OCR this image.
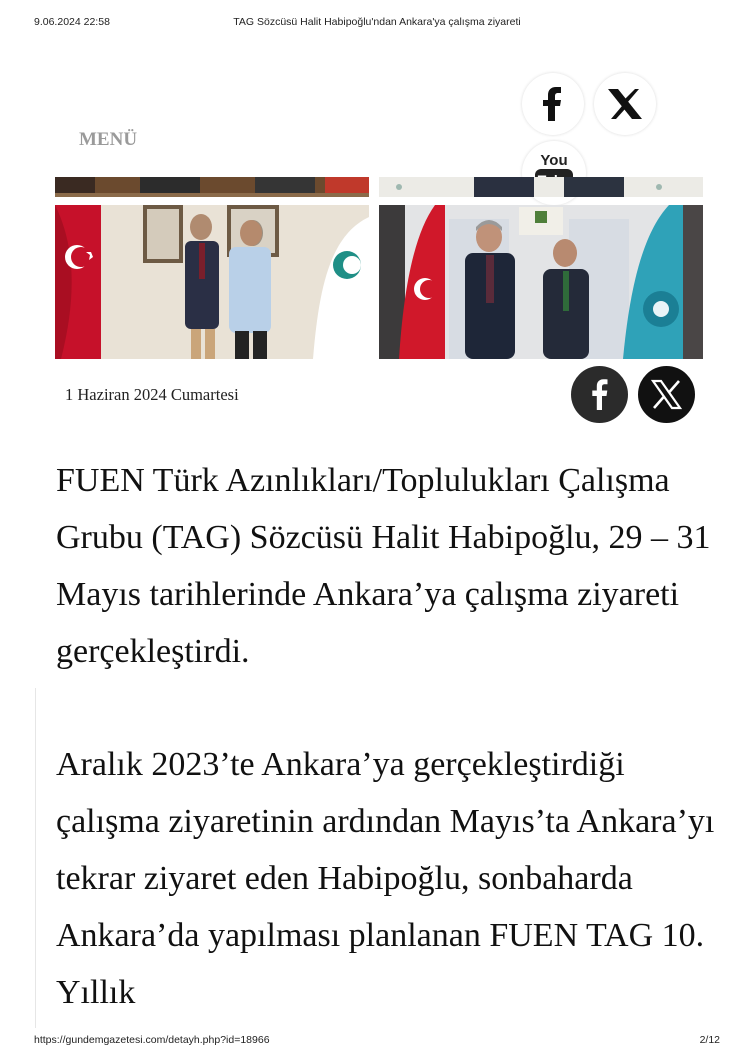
9.06.2024 22:58	TAG Sözcüsü Halit Habipoğlu'ndan Ankara'ya çalışma ziyareti
MENÜ
You
1 Haziran 2024 Cumartesi

FUEN Türk Azınlıkları/Toplulukları Çalışma Grubu (TAG) Sözcüsü Halit Habipoğlu, 29 – 31 Mayıs tarihlerinde Ankara’ya çalışma ziyareti gerçekleştirdi.

Aralık 2023’te Ankara’ya gerçekleştirdiği çalışma ziyaretinin ardından Mayıs’ta Ankara’yı tekrar ziyaret eden Habipoğlu, sonbaharda Ankara’da yapılması planlanan FUEN TAG 10. Yıllık

https://gundemgazetesi.com/detayh.php?id=18966	2/12
